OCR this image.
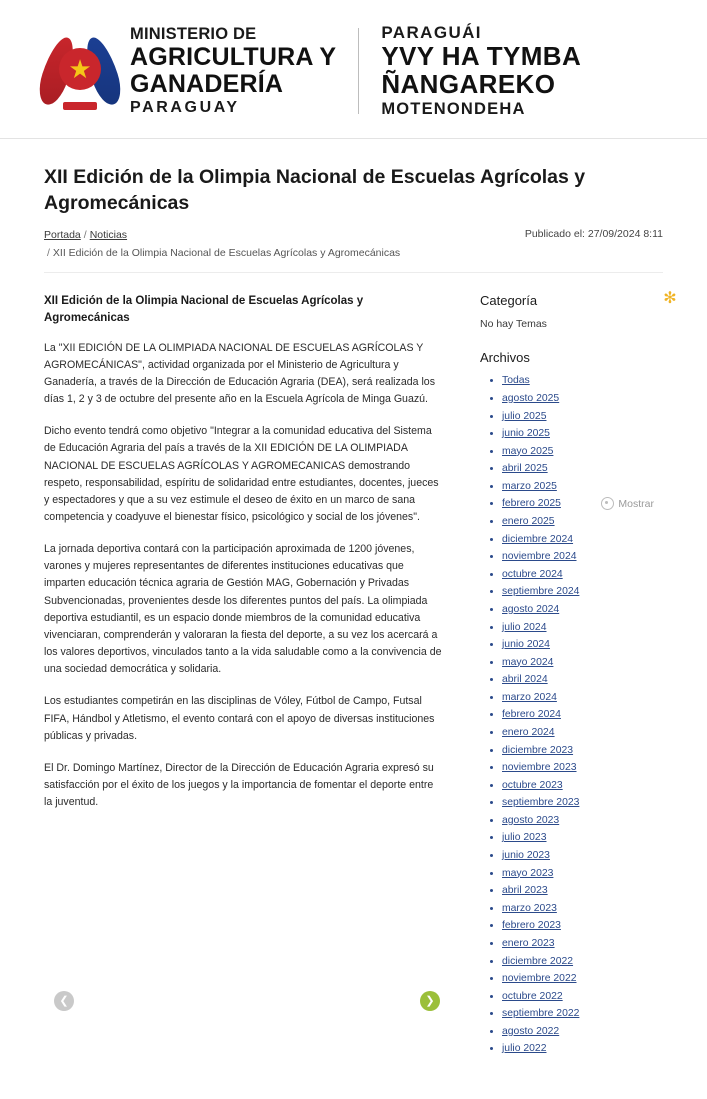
★
MINISTERIO DE
AGRICULTURA Y
GANADERÍA
PARAGUAY
PARAGUÁI
YVY HA TYMBA
ÑANGAREKO
MOTENONDEHA
XII Edición de la Olimpia Nacional de Escuelas Agrícolas y Agromecánicas
Portada / Noticias
/ XII Edición de la Olimpia Nacional de Escuelas Agrícolas y Agromecánicas
Publicado el: 27/09/2024 8:11
XII Edición de la Olimpia Nacional de Escuelas Agrícolas y Agromecánicas

La "XII EDICIÓN DE LA OLIMPIADA NACIONAL DE ESCUELAS AGRÍCOLAS Y AGROMECÁNICAS", actividad organizada por el Ministerio de Agricultura y Ganadería, a través de la Dirección de Educación Agraria (DEA), será realizada los días 1, 2 y 3 de octubre del presente año en la Escuela Agrícola de Minga Guazú.

Dicho evento tendrá como objetivo "Integrar a la comunidad educativa del Sistema de Educación Agraria del país a través de la XII EDICIÓN DE LA OLIMPIADA NACIONAL DE ESCUELAS AGRÍCOLAS Y AGROMECANICAS demostrando respeto, responsabilidad, espíritu de solidaridad entre estudiantes, docentes, jueces y espectadores y que a su vez estimule el deseo de éxito en un marco de sana competencia y coadyuve el bienestar físico, psicológico y social de los jóvenes".

La jornada deportiva contará con la participación aproximada de 1200 jóvenes, varones y mujeres representantes de diferentes instituciones educativas que imparten educación técnica agraria de Gestión MAG, Gobernación y Privadas Subvencionadas, provenientes desde los diferentes puntos del país. La olimpiada deportiva estudiantil, es un espacio donde miembros de la comunidad educativa vivenciaran, comprenderán y valoraran la fiesta del deporte, a su vez los acercará a los valores deportivos, vinculados tanto a la vida saludable como a la convivencia de una sociedad democrática y solidaria.

Los estudiantes competirán en las disciplinas de Vóley, Fútbol de Campo, Futsal FIFA, Hándbol y Atletismo, el evento contará con el apoyo de diversas instituciones públicas y privadas.

El Dr. Domingo Martínez, Director de la Dirección de Educación Agraria expresó su satisfacción por el éxito de los juegos y la importancia de fomentar el deporte entre la juventud.

✻
Categoría

No hay Temas

Archivos
Mostrar
• Todas
• agosto 2025
• julio 2025
• junio 2025
• mayo 2025
• abril 2025
• marzo 2025
• febrero 2025
• enero 2025
• diciembre 2024
• noviembre 2024
• octubre 2024
• septiembre 2024
• agosto 2024
• julio 2024
• junio 2024
• mayo 2024
• abril 2024
• marzo 2024
• febrero 2024
• enero 2024
• diciembre 2023
• noviembre 2023
• octubre 2023
• septiembre 2023
• agosto 2023
• julio 2023
• junio 2023
• mayo 2023
• abril 2023
• marzo 2023
• febrero 2023
• enero 2023
• diciembre 2022
• noviembre 2022
• octubre 2022
• septiembre 2022
• agosto 2022
• julio 2022
❮	❯
